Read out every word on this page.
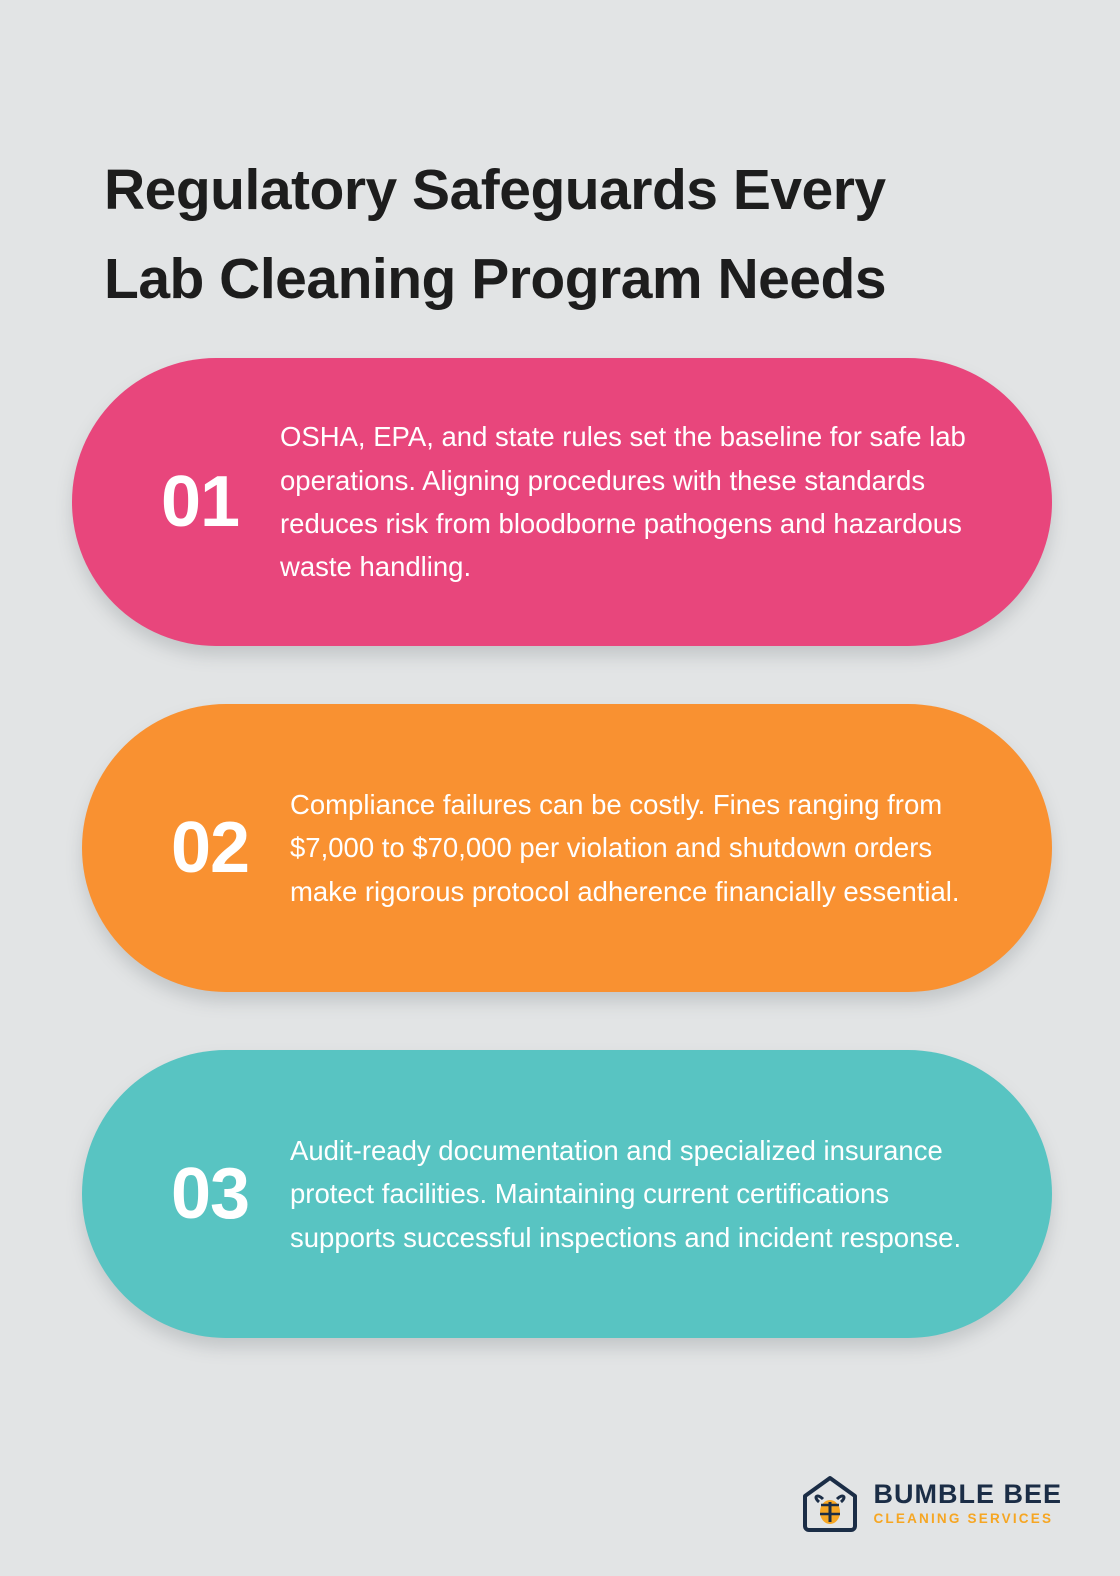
Regulatory Safeguards Every
Lab Cleaning Program Needs
01
OSHA, EPA, and state rules set the baseline for safe lab operations. Aligning procedures with these standards reduces risk from bloodborne pathogens and hazardous waste handling.
02
Compliance failures can be costly. Fines ranging from $7,000 to $70,000 per violation and shutdown orders make rigorous protocol adherence financially essential.
03
Audit-ready documentation and specialized insurance protect facilities. Maintaining current certifications supports successful inspections and incident response.
BUMBLE BEE
CLEANING SERVICES
